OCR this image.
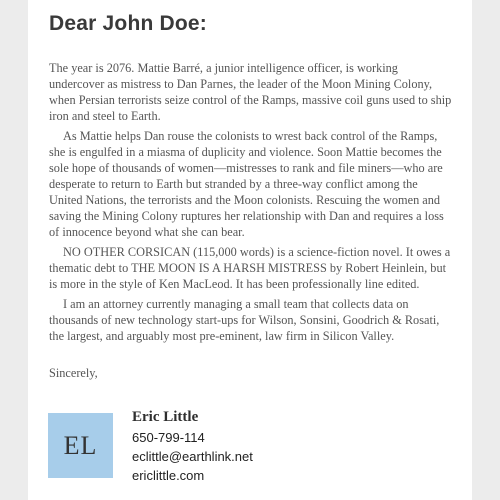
Dear John Doe:

The year is 2076. Mattie Barré, a junior intelligence officer, is working undercover as mistress to Dan Parnes, the leader of the Moon Mining Colony, when Persian terrorists seize control of the Ramps, massive coil guns used to ship iron and steel to Earth.

As Mattie helps Dan rouse the colonists to wrest back control of the Ramps, she is engulfed in a miasma of duplicity and violence. Soon Mattie becomes the sole hope of thousands of women—mistresses to rank and file miners—who are desperate to return to Earth but stranded by a three-way conflict among the United Nations, the terrorists and the Moon colonists. Rescuing the women and saving the Mining Colony ruptures her relationship with Dan and requires a loss of innocence beyond what she can bear.

NO OTHER CORSICAN (115,000 words) is a science-fiction novel. It owes a thematic debt to THE MOON IS A HARSH MISTRESS by Robert Heinlein, but is more in the style of Ken MacLeod. It has been professionally line edited.

I am an attorney currently managing a small team that collects data on thousands of new technology start-ups for Wilson, Sonsini, Goodrich & Rosati, the largest, and arguably most pre-eminent, law firm in Silicon Valley.

Sincerely,

EL
Eric Little
650-799-114
eclittle@earthlink.net
ericlittle.com
